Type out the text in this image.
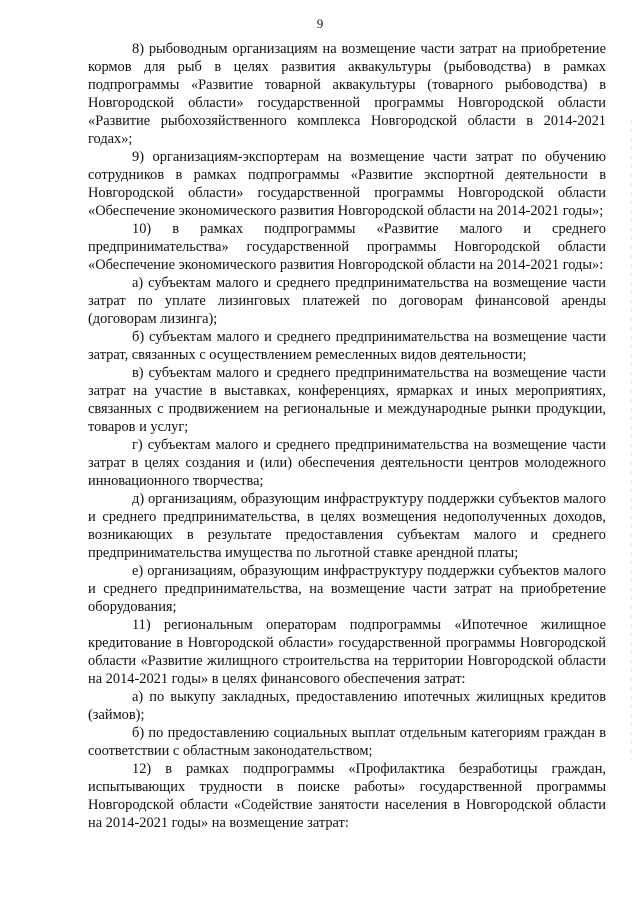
9

8) рыбоводным организациям на возмещение части затрат на приобретение кормов для рыб в целях развития аквакультуры (рыбоводства) в рамках подпрограммы «Развитие товарной аквакультуры (товарного рыбоводства) в Новгородской области» государственной программы Новгородской области «Развитие рыбохозяйственного комплекса Новгородской области в 2014-2021 годах»;

9) организациям-экспортерам на возмещение части затрат по обучению сотрудников в рамках подпрограммы «Развитие экспортной деятельности в Новгородской области» государственной программы Новгородской области «Обеспечение экономического развития Новгородской области на 2014-2021 годы»;

10) в рамках подпрограммы «Развитие малого и среднего предпринимательства» государственной программы Новгородской области «Обеспечение экономического развития Новгородской области на 2014-2021 годы»:

а) субъектам малого и среднего предпринимательства на возмещение части затрат по уплате лизинговых платежей по договорам финансовой аренды (договорам лизинга);

б) субъектам малого и среднего предпринимательства на возмещение части затрат, связанных с осуществлением ремесленных видов деятельности;

в) субъектам малого и среднего предпринимательства на возмещение части затрат на участие в выставках, конференциях, ярмарках и иных мероприятиях, связанных с продвижением на региональные и международные рынки продукции, товаров и услуг;

г) субъектам малого и среднего предпринимательства на возмещение части затрат в целях создания и (или) обеспечения деятельности центров молодежного инновационного творчества;

д) организациям, образующим инфраструктуру поддержки субъектов малого и среднего предпринимательства, в целях возмещения недополученных доходов, возникающих в результате предоставления субъектам малого и среднего предпринимательства имущества по льготной ставке арендной платы;

е) организациям, образующим инфраструктуру поддержки субъектов малого и среднего предпринимательства, на возмещение части затрат на приобретение оборудования;

11) региональным операторам подпрограммы «Ипотечное жилищное кредитование в Новгородской области» государственной программы Новгородской области «Развитие жилищного строительства на территории Новгородской области на 2014-2021 годы» в целях финансового обеспечения затрат:

а) по выкупу закладных, предоставлению ипотечных жилищных кредитов (займов);

б) по предоставлению социальных выплат отдельным категориям граждан в соответствии с областным законодательством;

12) в рамках подпрограммы «Профилактика безработицы граждан, испытывающих трудности в поиске работы» государственной программы Новгородской области «Содействие занятости населения в Новгородской области на 2014-2021 годы» на возмещение затрат:
